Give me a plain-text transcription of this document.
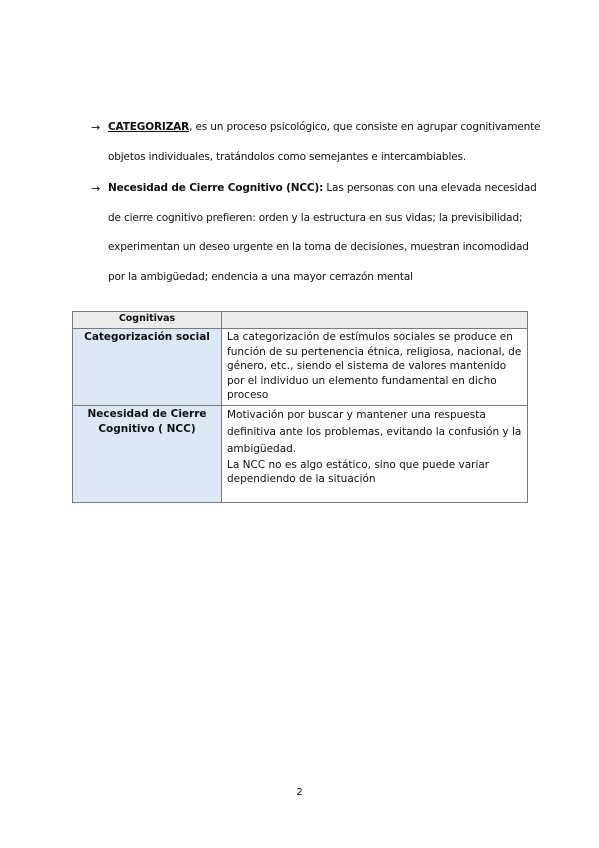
→ CATEGORIZAR, es un proceso psicológico, que consiste en agrupar cognitivamente
objetos individuales, tratándolos como semejantes e intercambiables.
→ Necesidad de Cierre Cognitivo (NCC): Las personas con una elevada necesidad
de cierre cognitivo prefieren: orden y la estructura en sus vidas; la previsibilidad;
experimentan un deseo urgente en la toma de decisiones, muestran incomodidad
por la ambigüedad; endencia a una mayor cerrazón mental
Cognitivas	
Categorización social	La categorización de estímulos sociales se produce en función de su pertenencia étnica, religiosa, nacional, de género, etc., siendo el sistema de valores mantenido por el individuo un elemento fundamental en dicho proceso
Necesidad de Cierre Cognitivo ( NCC)	Motivación por buscar y mantener una respuesta definitiva ante los problemas, evitando la confusión y la ambigüedad.
La NCC no es algo estático, sino que puede variar dependiendo de la situación
2
